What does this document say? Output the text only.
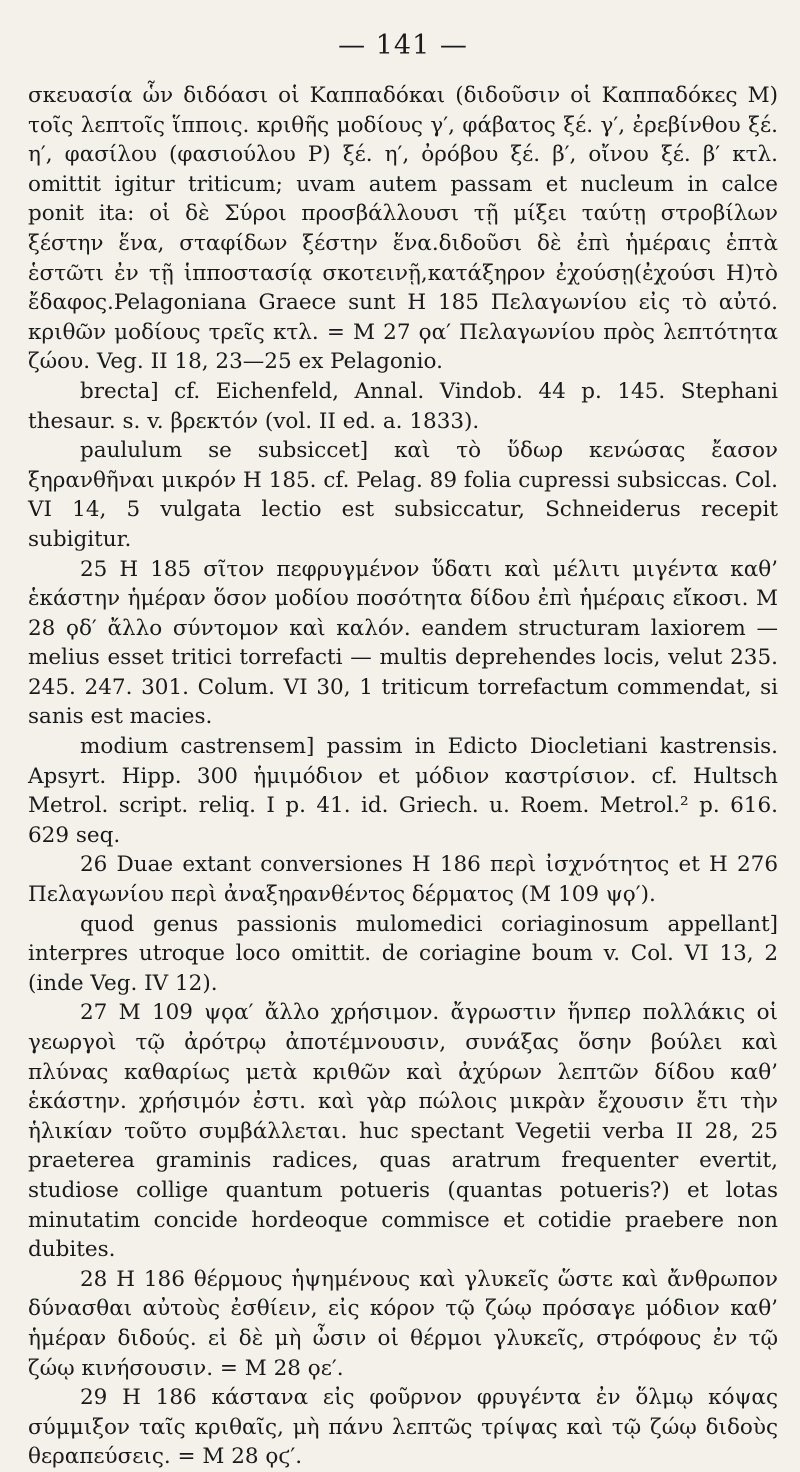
— 141 —

σκευασία ὧν διδόασι οἱ Καππαδόκαι (διδοῦσιν οἱ Καππαδόκες M) τοῖς λεπτοῖς ἵπποις. κριθῆς μοδίους γ′, φάβατος ξέ. γ′, ἐρεβίνθου ξέ. η′, φασίλου (φασιούλου P) ξέ. η′, ὀρόβου ξέ. β′, οἴνου ξέ. β′ κτλ. omittit igitur triticum; uvam autem passam et nucleum in calce ponit ita: οἱ δὲ Σύροι προσβάλλουσι τῇ μίξει ταύτῃ στροβίλων ξέστην ἕνα, σταφίδων ξέστην ἕνα.διδοῦσι δὲ ἐπὶ ἡμέραις ἑπτὰ ἑστῶτι ἐν τῇ ἱπποστασίᾳ σκοτεινῇ,κατάξηρον ἐχούσῃ(ἐχούσι H)τὸ ἔδαφος.Pelagoniana Graece sunt H 185 Πελαγωνίου εἰς τὸ αὐτό. κριθῶν μοδίους τρεῖς κτλ. = M 27 ϙα′ Πελαγωνίου πρὸς λεπτότητα ζώου. Veg. II 18, 23—25 ex Pelagonio.

brecta] cf. Eichenfeld, Annal. Vindob. 44 p. 145. Stephani thesaur. s. v. βρεκτόν (vol. II ed. a. 1833).

paululum se subsiccet] καὶ τὸ ὕδωρ κενώσας ἔασον ξηρανθῆναι μικρόν H 185. cf. Pelag. 89 folia cupressi subsiccas. Col. VI 14, 5 vulgata lectio est subsiccatur, Schneiderus recepit subigitur.

25 H 185 σῖτον πεφρυγμένον ὕδατι καὶ μέλιτι μιγέντα καθ’ ἑκάστην ἡμέραν ὅσον μοδίου ποσότητα δίδου ἐπὶ ἡμέραις εἴκοσι. M 28 ϙδ′ ἄλλο σύντομον καὶ καλόν. eandem structuram laxiorem — melius esset tritici torrefacti — multis deprehendes locis, velut 235. 245. 247. 301. Colum. VI 30, 1 triticum torrefactum commendat, si sanis est macies.

modium castrensem] passim in Edicto Diocletiani kastrensis. Apsyrt. Hipp. 300 ἡμιμόδιον et μόδιον καστρίσιον. cf. Hultsch Metrol. script. reliq. I p. 41. id. Griech. u. Roem. Metrol.² p. 616. 629 seq.

26 Duae extant conversiones H 186 περὶ ἰσχνότητος et H 276 Πελαγωνίου περὶ ἀναξηρανθέντος δέρματος (M 109 ψϙ′).

quod genus passionis mulomedici coriaginosum appellant] interpres utroque loco omittit. de coriagine boum v. Col. VI 13, 2 (inde Veg. IV 12).

27 M 109 ψϙα′ ἄλλο χρήσιμον. ἄγρωστιν ἥνπερ πολλάκις οἱ γεωργοὶ τῷ ἀρότρῳ ἀποτέμνουσιν, συνάξας ὅσην βούλει καὶ πλύνας καθαρίως μετὰ κριθῶν καὶ ἀχύρων λεπτῶν δίδου καθ’ ἑκάστην. χρήσιμόν ἐστι. καὶ γὰρ πώλοις μικρὰν ἔχουσιν ἔτι τὴν ἡλικίαν τοῦτο συμβάλλεται. huc spectant Vegetii verba II 28, 25 praeterea graminis radices, quas aratrum frequenter evertit, studiose collige quantum potueris (quantas potueris?) et lotas minutatim concide hordeoque commisce et cotidie praebere non dubites.

28 H 186 θέρμους ἡψημένους καὶ γλυκεῖς ὥστε καὶ ἄνθρωπον δύνασθαι αὐτοὺς ἐσθίειν, εἰς κόρον τῷ ζώῳ πρόσαγε μόδιον καθ’ ἡμέραν διδούς. εἰ δὲ μὴ ὦσιν οἱ θέρμοι γλυκεῖς, στρόφους ἐν τῷ ζώῳ κινήσουσιν. = M 28 ϙε′.

29 H 186 κάστανα εἰς φοῦρνον φρυγέντα ἐν ὅλμῳ κόψας σύμμιξον ταῖς κριθαῖς, μὴ πάνυ λεπτῶς τρίψας καὶ τῷ ζώῳ διδοὺς θεραπεύσεις. = M 28 ϙϛ′.
